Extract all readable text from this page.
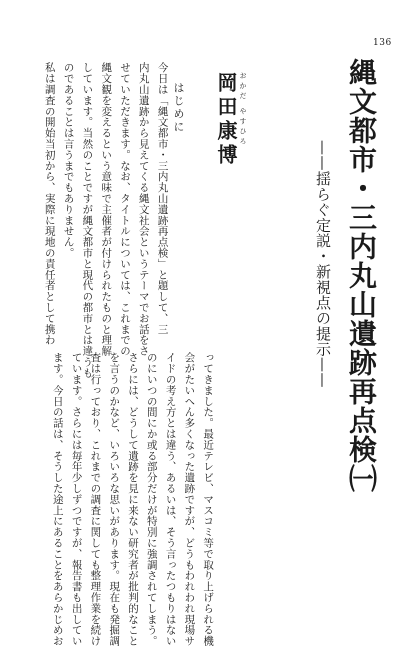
136
縄文都市・三内丸山遺跡再点検㈠
——揺らぐ定説・新視点の提示——
岡田康博 おかだ やすひろ
はじめに

今日は「縄文都市・三内丸山遺跡再点検」と題して、三

内丸山遺跡から見えてくる縄文社会というテーマでお話をさ

せていただきます。なお、タイトルについては、これまでの

縄文観を変えるという意味で主催者が付けられたものと理解

しています。当然のことですが縄文都市と現代の都市とは違うも

のであることは言うまでもありません。

私は調査の開始当初から、実際に現地の責任者として携わ

ってきました。最近テレビ、マスコミ等で取り上げられる機

会がたいへん多くなった遺跡ですが、どうもわれわれ現場サ

イドの考え方とは違う、あるいは、そう言ったつもりはない

のにいつの間にか或る部分だけが特別に強調されてしまう。

さらには、どうして遺跡を見に来ない研究者が批判的なこと

を言うのかなど、いろいろな思いがあります。現在も発掘調

査は行っており、これまでの調査に関しても整理作業を続け

ています。さらには毎年少しずつですが、報告書も出してい

ます。今日の話は、そうした途上にあることをあらかじめお
